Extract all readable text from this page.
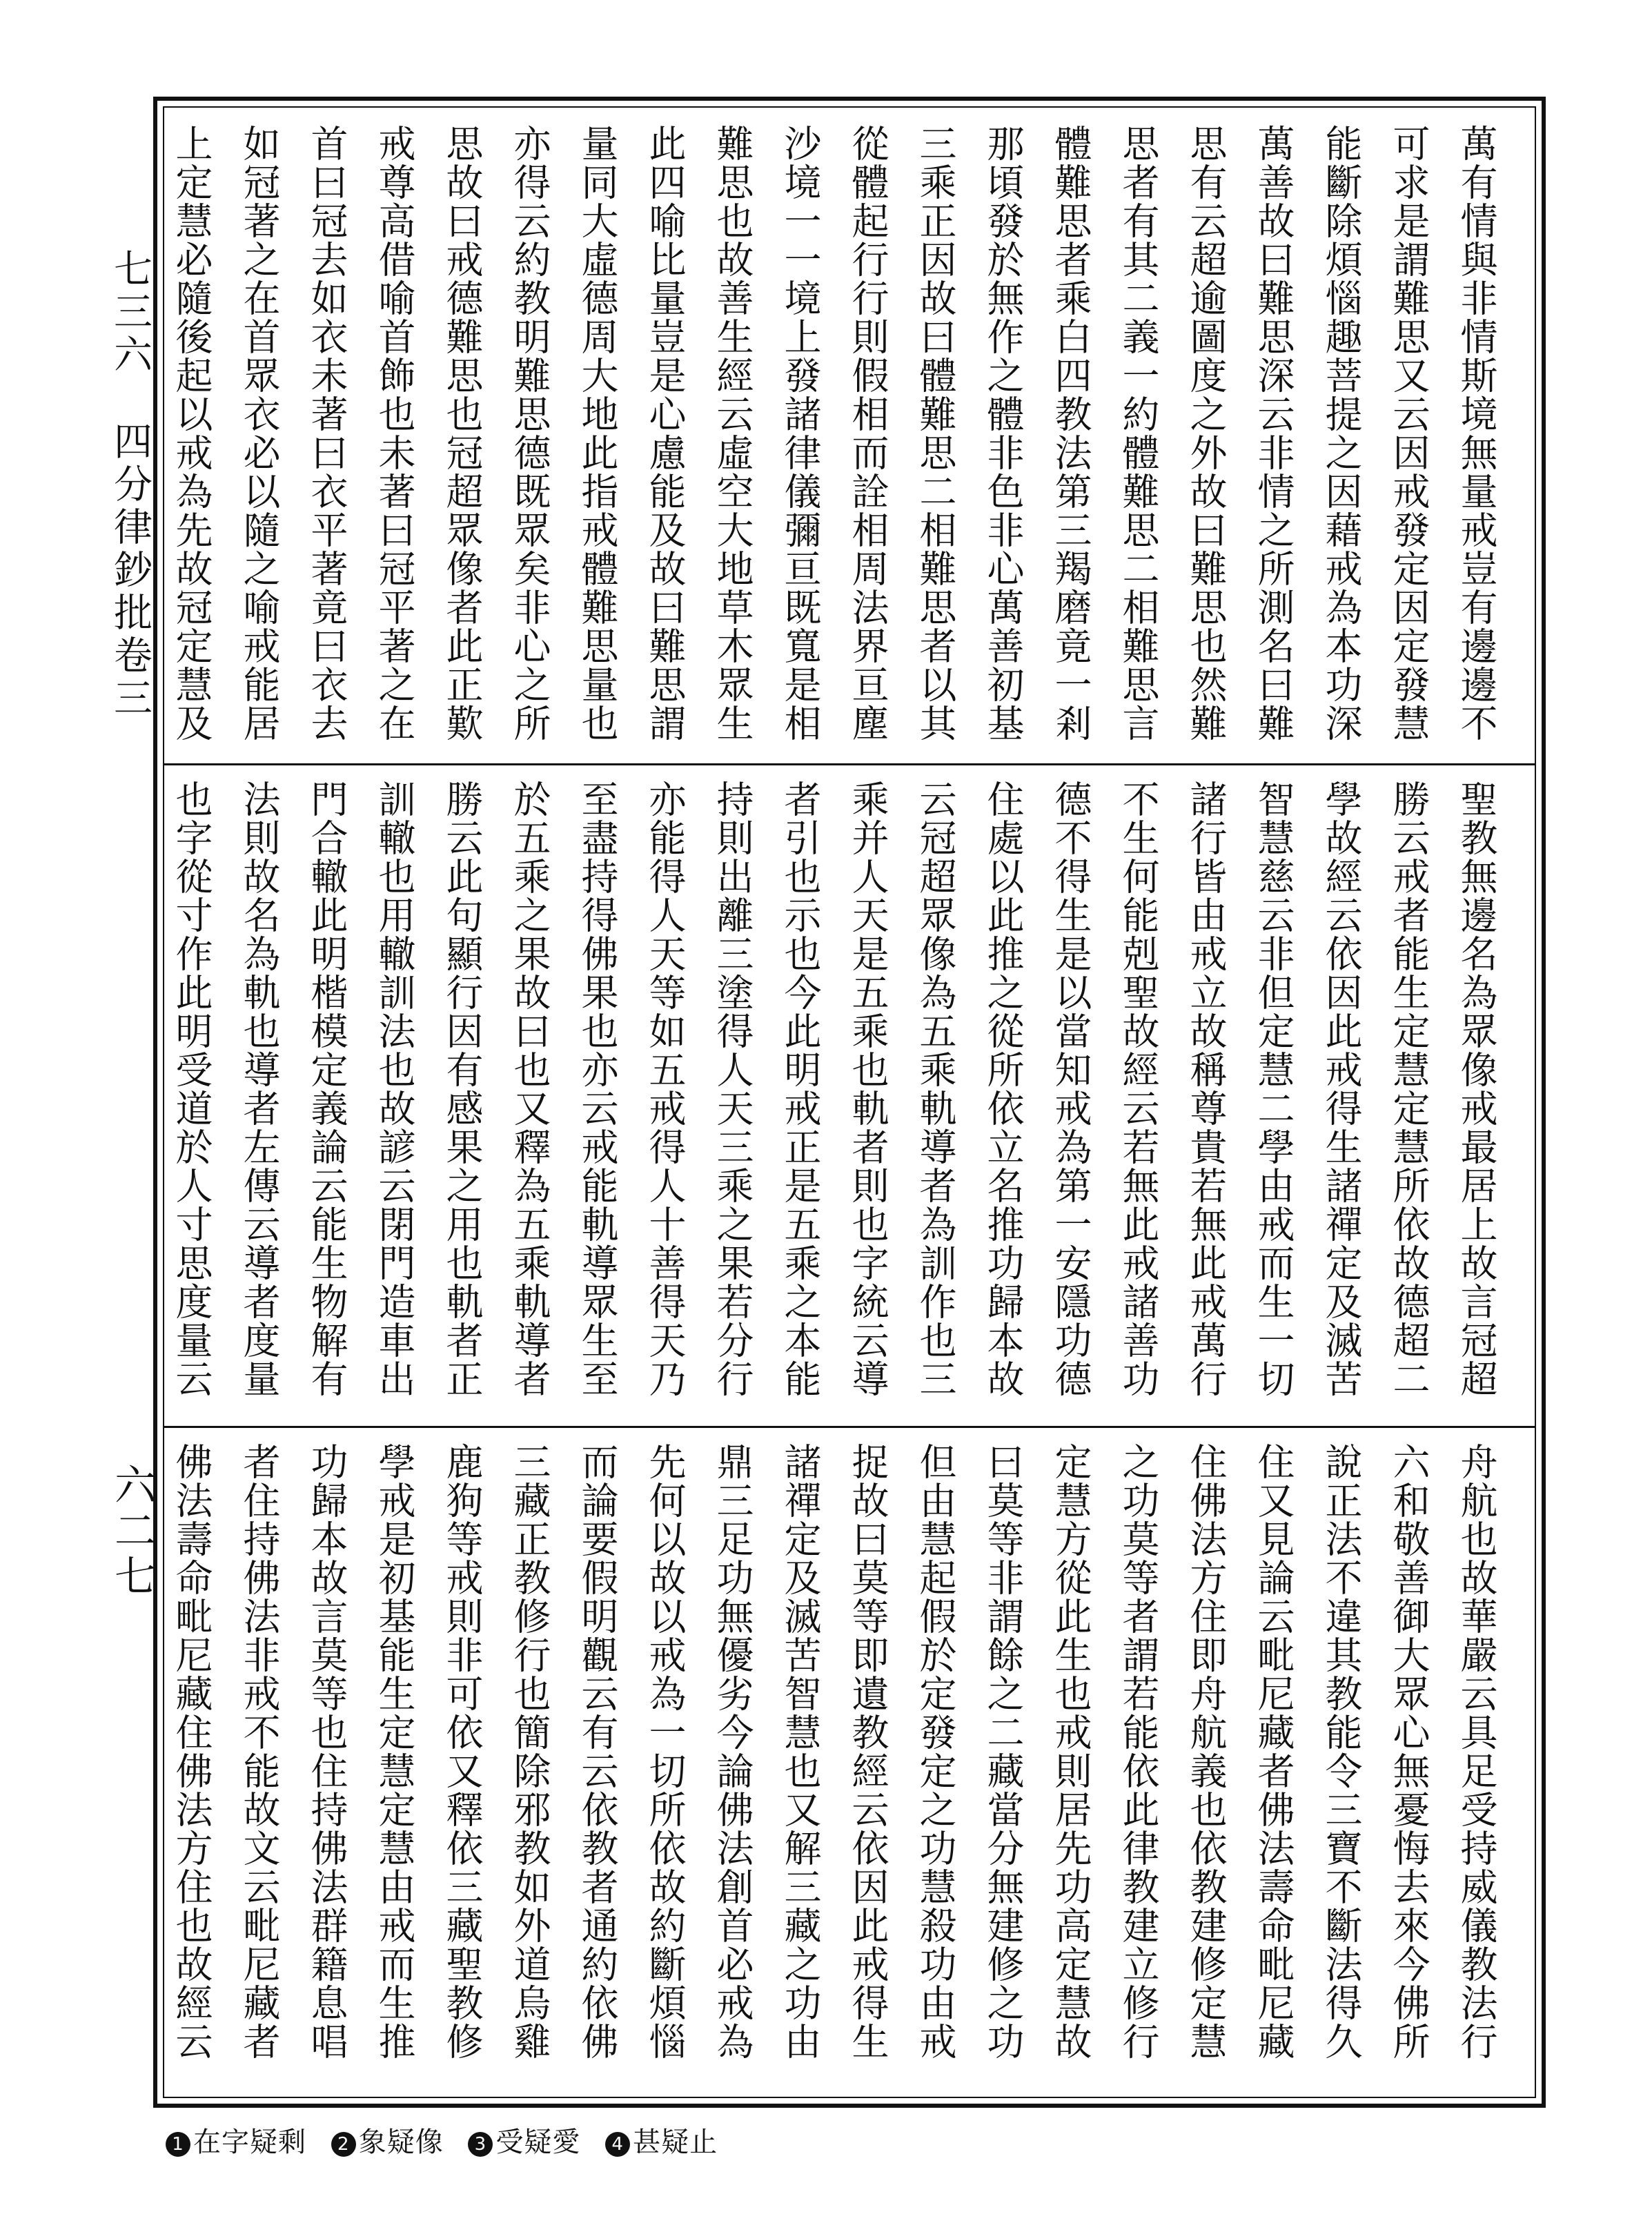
七三六
四分律鈔批卷三
六二七
萬有情與非情斯境無量戒豈有邊邊不可求是謂難思又云因戒發定因定發慧能斷除煩惱趣菩提之因藉戒為本功深萬善故曰難思深云非情之所測名曰難思有云超逾圖度之外故曰難思也然難思者有其二義一約體難思二相難思言體難思者乘白四教法第三羯磨竟一剎那頃發於無作之體非色非心萬善初基三乘正因故曰體難思二相難思者以其從體起行行則假相而詮相周法界亘塵沙境一一境上發諸律儀彌亘既寬是相難思也故善生經云虛空大地草木眾生此四喻比量豈是心慮能及故曰難思謂量同大虛德周大地此指戒體難思量也亦得云約教明難思德既眾矣非心之所思故曰戒德難思也冠超眾像者此正歎戒尊高借喻首飾也未著曰冠平著之在首曰冠去如衣未著曰衣平著竟曰衣去如冠著之在首眾衣必以隨之喻戒能居上定慧必隨後起以戒為先故冠定慧及
聖教無邊名為眾像戒最居上故言冠超勝云戒者能生定慧定慧所依故德超二學故經云依因此戒得生諸禪定及滅苦智慧慈云非但定慧二學由戒而生一切諸行皆由戒立故稱尊貴若無此戒萬行不生何能剋聖故經云若無此戒諸善功德不得生是以當知戒為第一安隱功德住處以此推之從所依立名推功歸本故云冠超眾像為五乘軌導者為訓作也三乘并人天是五乘也軌者則也字統云導者引也示也今此明戒正是五乘之本能持則出離三塗得人天三乘之果若分行亦能得人天等如五戒得人十善得天乃至盡持得佛果也亦云戒能軌導眾生至於五乘之果故曰也又釋為五乘軌導者勝云此句顯行因有感果之用也軌者正訓轍也用轍訓法也故諺云閉門造車出門合轍此明楷模定義論云能生物解有法則故名為軌也導者左傳云導者度量也字從寸作此明受道於人寸思度量云
舟航也故華嚴云具足受持威儀教法行六和敬善御大眾心無憂悔去來今佛所說正法不違其教能令三寶不斷法得久住又見論云毗尼藏者佛法壽命毗尼藏住佛法方住即舟航義也依教建修定慧之功莫等者謂若能依此律教建立修行定慧方從此生也戒則居先功高定慧故曰莫等非謂餘之二藏當分無建修之功但由慧起假於定發定之功慧殺功由戒捉故曰莫等即遺教經云依因此戒得生諸禪定及滅苦智慧也又解三藏之功由鼎三足功無優劣今論佛法創首必戒為先何以故以戒為一切所依故約斷煩惱而論要假明觀云有云依教者通約依佛三藏正教修行也簡除邪教如外道烏雞鹿狗等戒則非可依又釋依三藏聖教修學戒是初基能生定慧定慧由戒而生推功歸本故言莫等也住持佛法群籍息唱者住持佛法非戒不能故文云毗尼藏者佛法壽命毗尼藏住佛法方住也故經云
1 在字疑剩 2 象疑像 3 受疑愛 4 甚疑止
